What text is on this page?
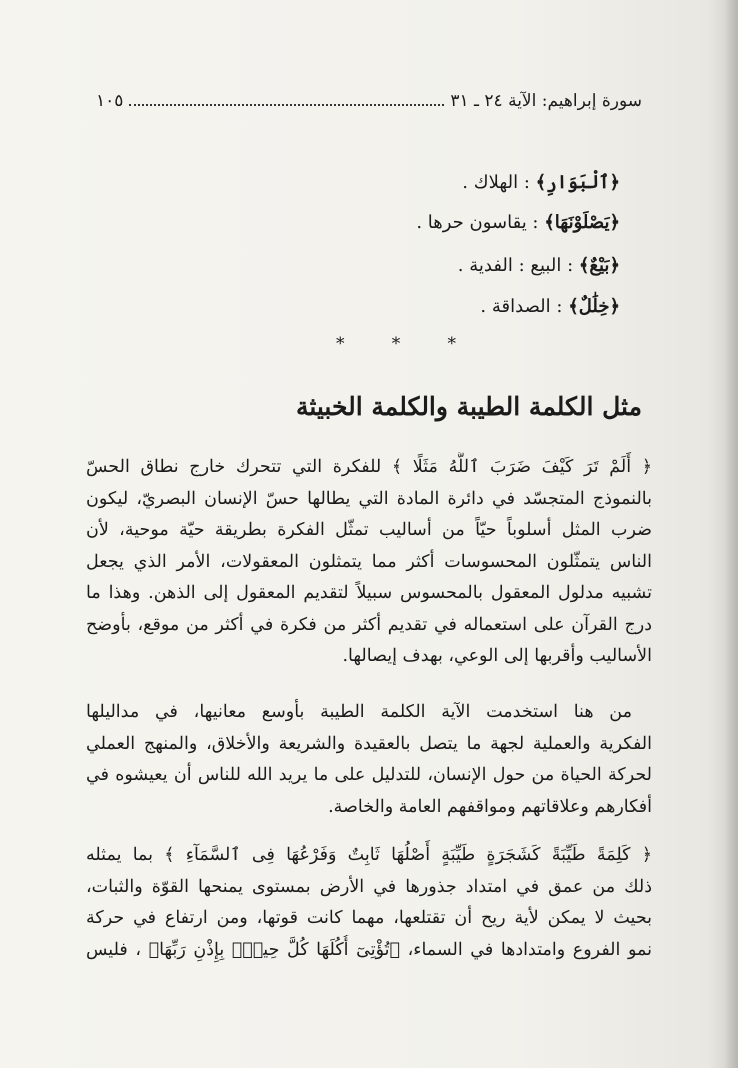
سورة إبراهيم: الآية ٢٤ ـ ٣١
١٠٥
﴿ٱلْبَوَارِ﴾ : الهلاك .
﴿يَصْلَوْنَهَا﴾ : يقاسون حرها .
﴿بَيْعٌ﴾ : البيع : الفدية .
﴿خِلَٰلٌ﴾ : الصداقة .
*
*
*
مثل الكلمة الطيبة والكلمة الخبيثة
﴿ أَلَمْ تَرَ كَيْفَ ضَرَبَ ٱللَّهُ مَثَلًا ﴾ للفكرة التي تتحرك خارج نطاق الحسّ
بالنموذج المتجسّد في دائرة المادة التي يطالها حسّ الإنسان البصريّ، ليكون
ضرب المثل أسلوباً حيّاً من أساليب تمثّل الفكرة بطريقة حيّة موحية، لأن
الناس يتمثّلون المحسوسات أكثر مما يتمثلون المعقولات، الأمر الذي يجعل
تشبيه مدلول المعقول بالمحسوس سبيلاً لتقديم المعقول إلى الذهن. وهذا ما
درج القرآن على استعماله في تقديم أكثر من فكرة في أكثر من موقع، بأوضح
الأساليب وأقربها إلى الوعي، بهدف إيصالها.
من هنا استخدمت الآية الكلمة الطيبة بأوسع معانيها، في مداليلها
الفكرية والعملية لجهة ما يتصل بالعقيدة والشريعة والأخلاق، والمنهج العملي
لحركة الحياة من حول الإنسان، للتدليل على ما يريد الله للناس أن يعيشوه في
أفكارهم وعلاقاتهم ومواقفهم العامة والخاصة.
﴿ كَلِمَةً طَيِّبَةً كَشَجَرَةٍ طَيِّبَةٍ أَصْلُهَا ثَابِتٌ وَفَرْعُهَا فِى ٱلسَّمَآءِ ﴾ بما يمثله
ذلك من عمق في امتداد جذورها في الأرض بمستوى يمنحها القوّة والثبات،
بحيث لا يمكن لأية ريح أن تقتلعها، مهما كانت قوتها، ومن ارتفاع في حركة
نمو الفروع وامتدادها في السماء، ﴿تُؤْتِىٓ أُكُلَهَا كُلَّ حِينٍۭ بِإِذْنِ رَبِّهَا﴾ ، فليس
